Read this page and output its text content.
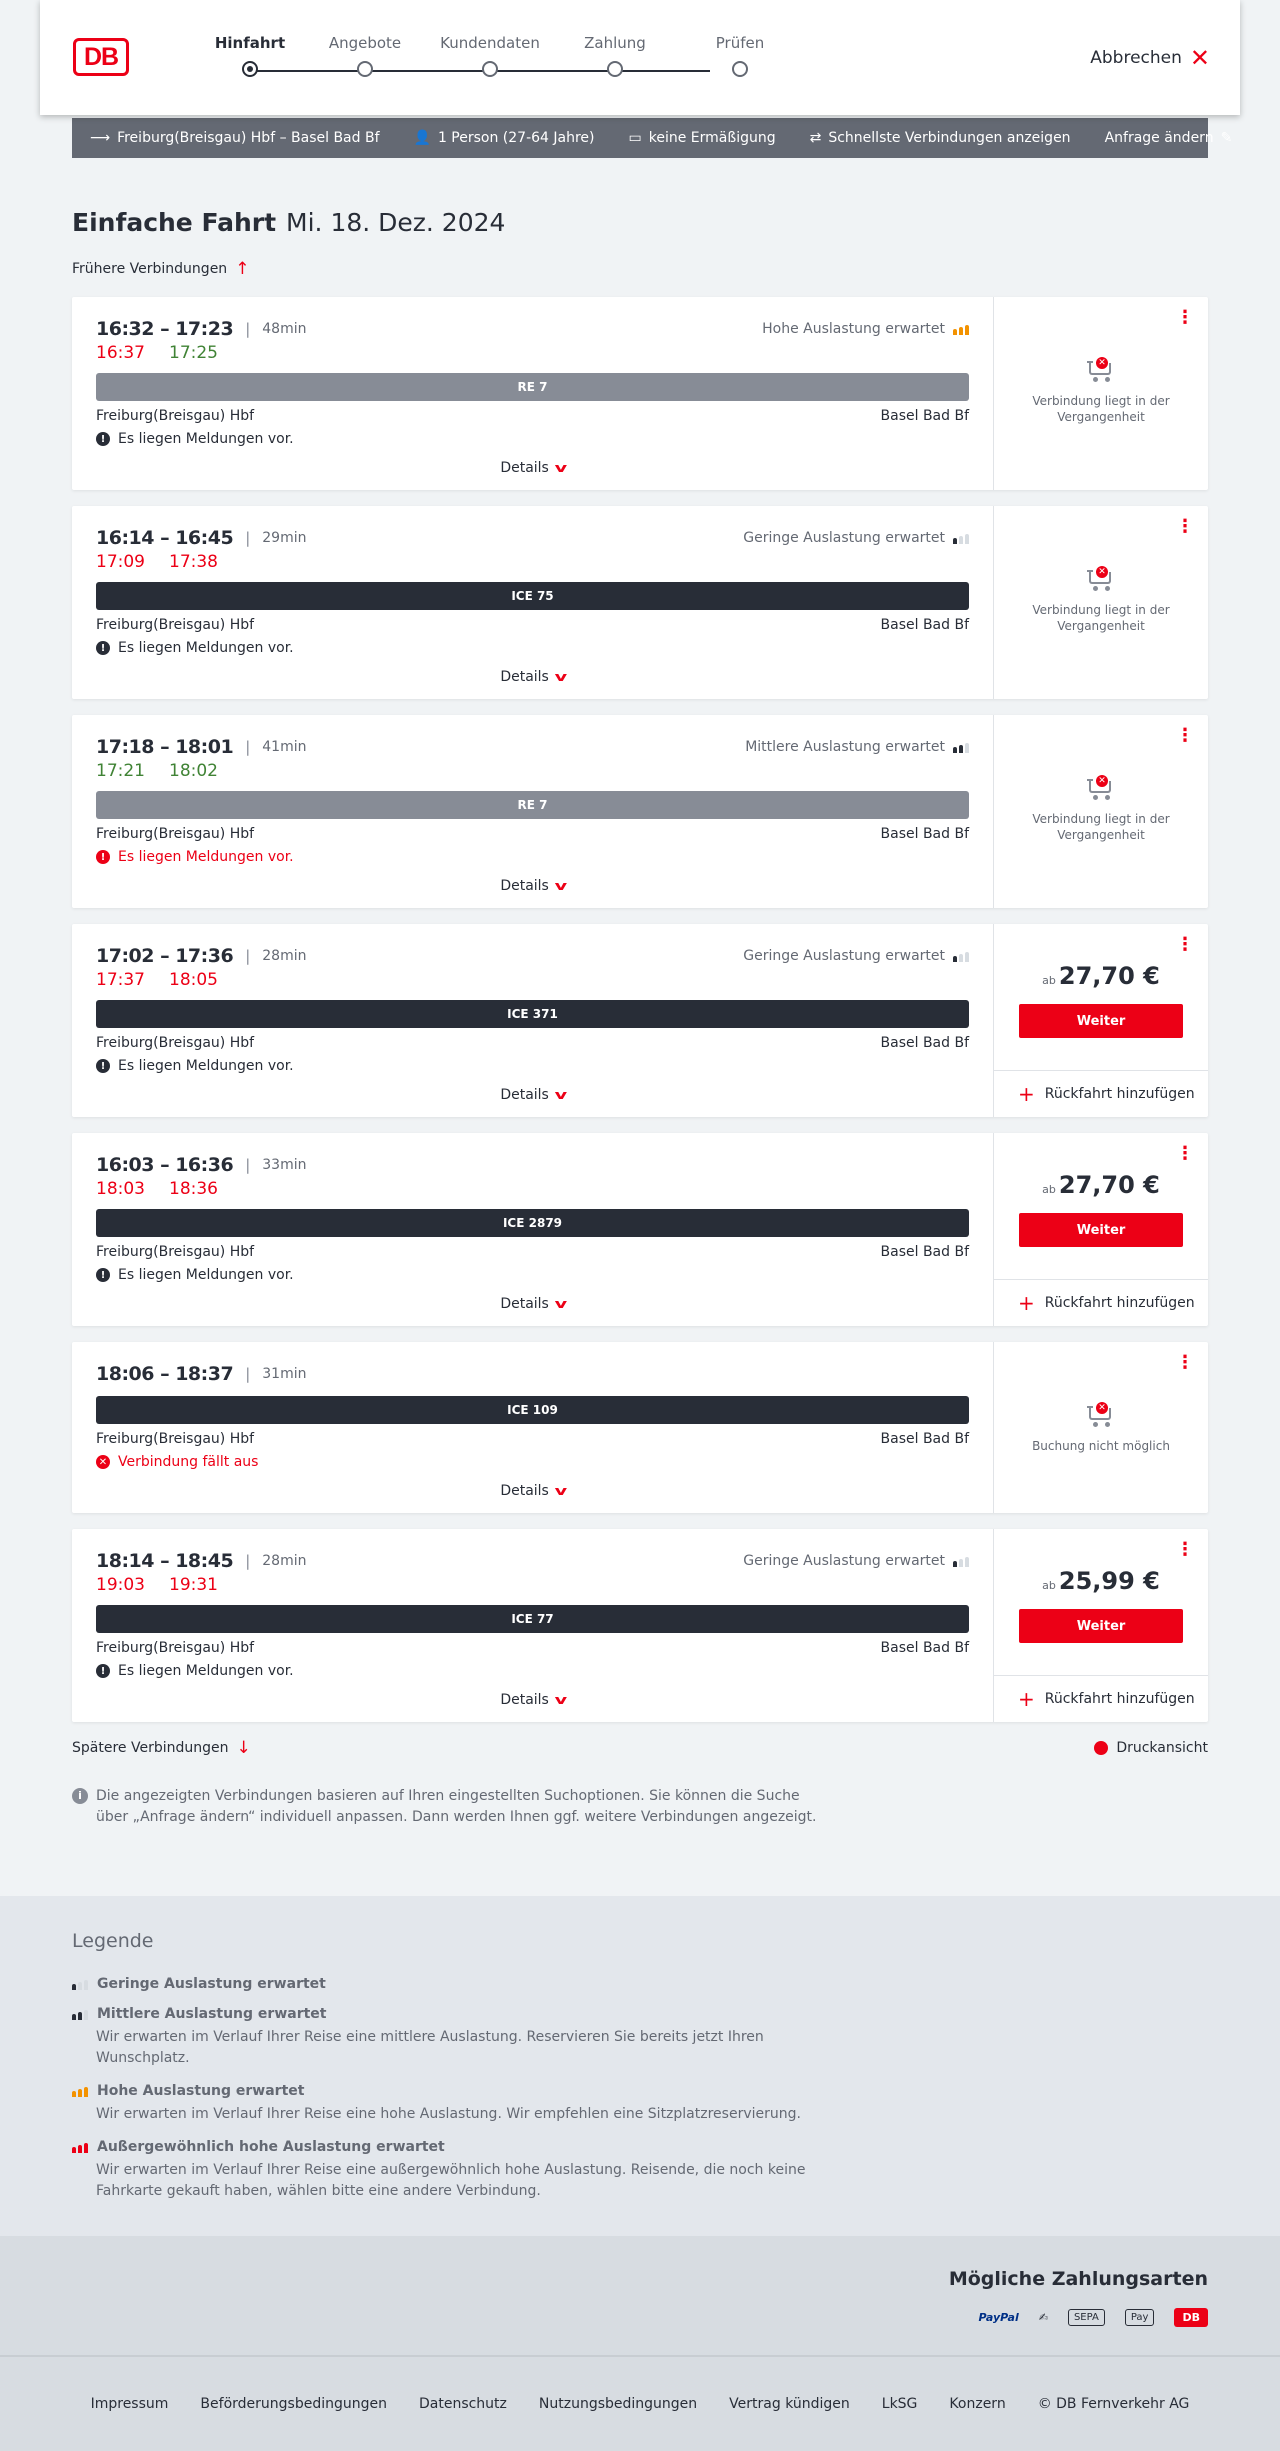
DB	Hinfahrt	Angebote	Kundendaten	Zahlung	Prüfen
Abbrechen ✕
⟶ Freiburg(Breisgau) Hbf – Basel Bad Bf 👤 1 Person (27-64 Jahre) ▭ keine Ermäßigung ⇄ Schnellste Verbindungen anzeigen Anfrage ändern ✎
Einfache Fahrt Mi. 18. Dez. 2024
Frühere Verbindungen ↑
16:32 – 17:23 | 48min	Hohe Auslastung erwartet
16:37 17:25
RE 7
Freiburg(Breisgau) Hbf	Basel Bad Bf
! Es liegen Meldungen vor.
Details v
⋮
✕
Verbindung liegt in der Vergangenheit
16:14 – 16:45 | 29min	Geringe Auslastung erwartet
17:09 17:38
ICE 75
Freiburg(Breisgau) Hbf	Basel Bad Bf
! Es liegen Meldungen vor.
Details v
⋮
✕
Verbindung liegt in der Vergangenheit
17:18 – 18:01 | 41min	Mittlere Auslastung erwartet
17:21 18:02
RE 7
Freiburg(Breisgau) Hbf	Basel Bad Bf
! Es liegen Meldungen vor.
Details v
⋮
✕
Verbindung liegt in der Vergangenheit
17:02 – 17:36 | 28min	Geringe Auslastung erwartet
17:37 18:05
ICE 371
Freiburg(Breisgau) Hbf	Basel Bad Bf
! Es liegen Meldungen vor.
Details v
⋮
ab 27,70 €
Weiter
+ Rückfahrt hinzufügen
16:03 – 16:36 | 33min
18:03 18:36
ICE 2879
Freiburg(Breisgau) Hbf	Basel Bad Bf
! Es liegen Meldungen vor.
Details v
⋮
ab 27,70 €
Weiter
+ Rückfahrt hinzufügen
18:06 – 18:37 | 31min
ICE 109
Freiburg(Breisgau) Hbf	Basel Bad Bf
✕ Verbindung fällt aus
Details v
⋮
✕
Buchung nicht möglich
18:14 – 18:45 | 28min	Geringe Auslastung erwartet
19:03 19:31
ICE 77
Freiburg(Breisgau) Hbf	Basel Bad Bf
! Es liegen Meldungen vor.
Details v
⋮
ab 25,99 €
Weiter
+ Rückfahrt hinzufügen
Spätere Verbindungen ↓	Druckansicht
i	Die angezeigten Verbindungen basieren auf Ihren eingestellten Suchoptionen. Sie können die Suche über „Anfrage ändern“ individuell anpassen. Dann werden Ihnen ggf. weitere Verbindungen angezeigt.
Legende
Geringe Auslastung erwartet
Mittlere Auslastung erwartet
Wir erwarten im Verlauf Ihrer Reise eine mittlere Auslastung. Reservieren Sie bereits jetzt Ihren Wunschplatz.
Hohe Auslastung erwartet
Wir erwarten im Verlauf Ihrer Reise eine hohe Auslastung. Wir empfehlen eine Sitzplatzreservierung.
Außergewöhnlich hohe Auslastung erwartet
Wir erwarten im Verlauf Ihrer Reise eine außergewöhnlich hohe Auslastung. Reisende, die noch keine Fahrkarte gekauft haben, wählen bitte eine andere Verbindung.
Mögliche Zahlungsarten
PayPal ✍	SEPA	Pay	DB
Impressum Beförderungsbedingungen Datenschutz Nutzungsbedingungen Vertrag kündigen LkSG Konzern © DB Fernverkehr AG
